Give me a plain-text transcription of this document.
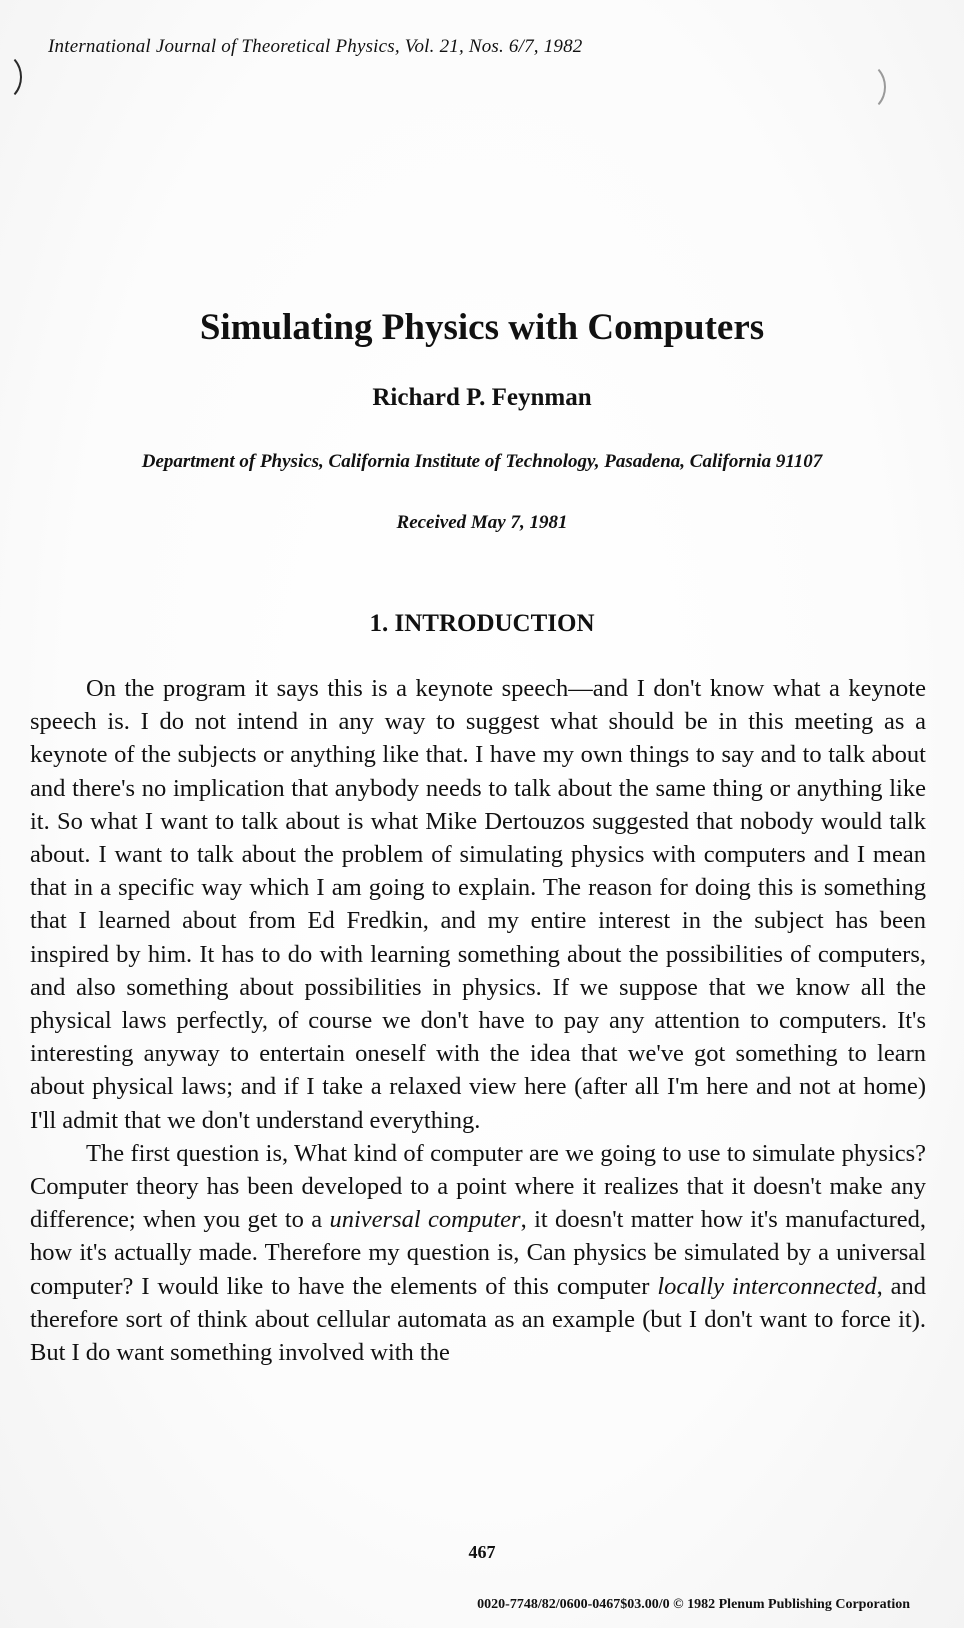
International Journal of Theoretical Physics, Vol. 21, Nos. 6/7, 1982
Simulating Physics with Computers
Richard P. Feynman
Department of Physics, California Institute of Technology, Pasadena, California 91107
Received May 7, 1981
1. INTRODUCTION

On the program it says this is a keynote speech—and I don't know what a keynote speech is. I do not intend in any way to suggest what should be in this meeting as a keynote of the subjects or anything like that. I have my own things to say and to talk about and there's no implication that anybody needs to talk about the same thing or anything like it. So what I want to talk about is what Mike Dertouzos suggested that nobody would talk about. I want to talk about the problem of simulating physics with computers and I mean that in a specific way which I am going to explain. The reason for doing this is something that I learned about from Ed Fredkin, and my entire interest in the subject has been inspired by him. It has to do with learning something about the possibilities of computers, and also something about possibilities in physics. If we suppose that we know all the physical laws perfectly, of course we don't have to pay any attention to computers. It's interesting anyway to entertain oneself with the idea that we've got something to learn about physical laws; and if I take a relaxed view here (after all I'm here and not at home) I'll admit that we don't understand everything.

The first question is, What kind of computer are we going to use to simulate physics? Computer theory has been developed to a point where it realizes that it doesn't make any difference; when you get to a universal computer, it doesn't matter how it's manufactured, how it's actually made. Therefore my question is, Can physics be simulated by a universal computer? I would like to have the elements of this computer locally interconnected, and therefore sort of think about cellular automata as an example (but I don't want to force it). But I do want something involved with the

467
0020-7748/82/0600-0467$03.00/0 © 1982 Plenum Publishing Corporation
